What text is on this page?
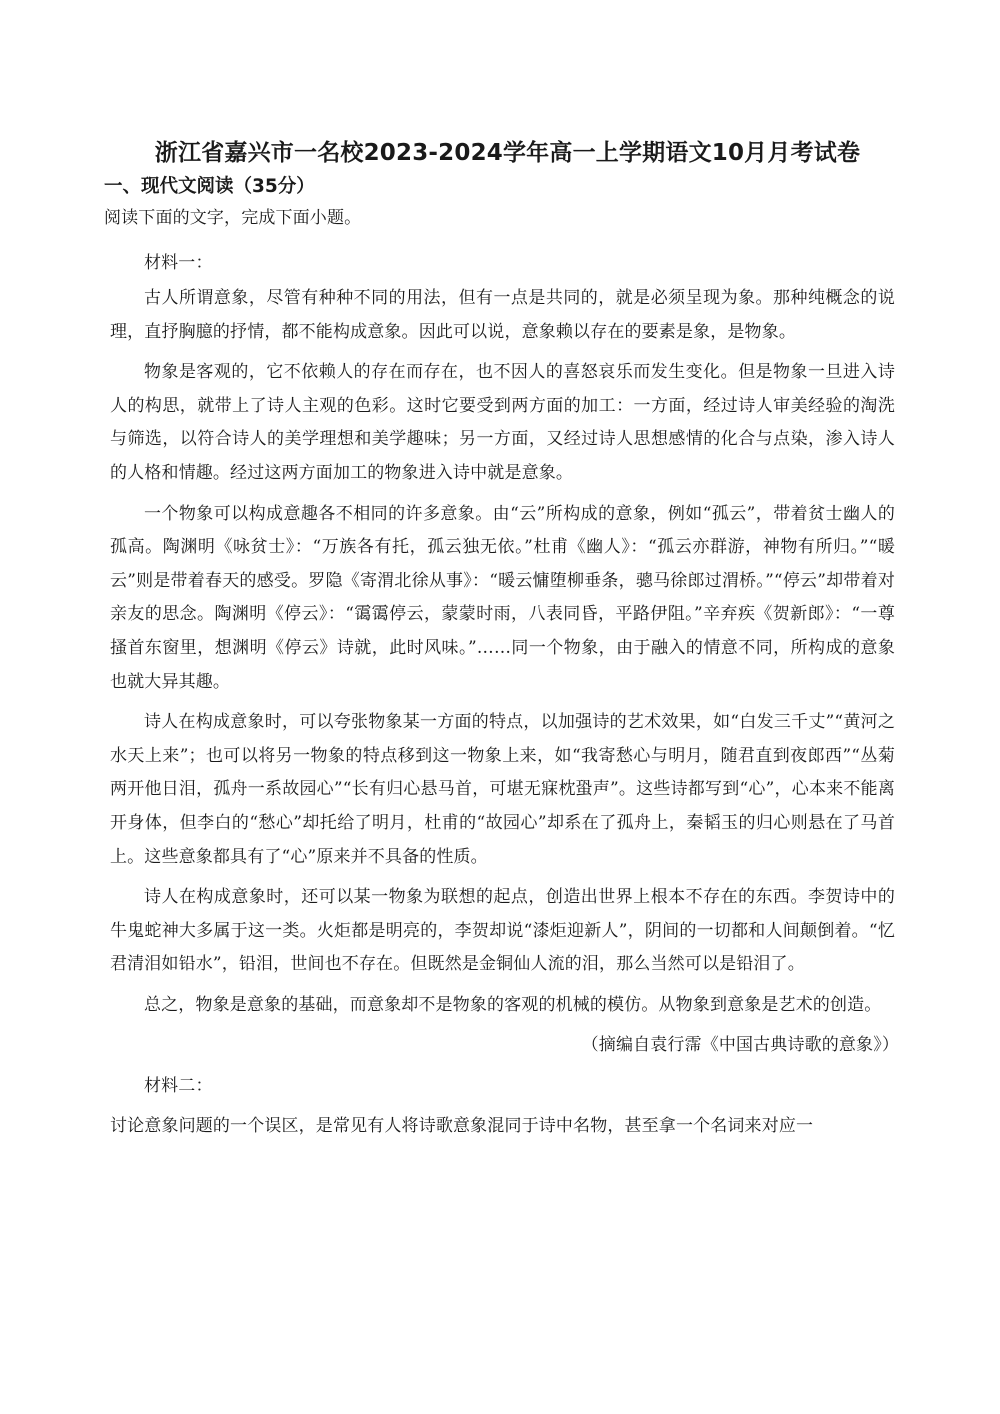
浙江省嘉兴市一名校2023-2024学年高一上学期语文10月月考试卷
一、现代文阅读（35分）

阅读下面的文字，完成下面小题。

材料一：

古人所谓意象，尽管有种种不同的用法，但有一点是共同的，就是必须呈现为象。那种纯概念的说理，直抒胸臆的抒情，都不能构成意象。因此可以说，意象赖以存在的要素是象，是物象。

物象是客观的，它不依赖人的存在而存在，也不因人的喜怒哀乐而发生变化。但是物象一旦进入诗人的构思，就带上了诗人主观的色彩。这时它要受到两方面的加工：一方面，经过诗人审美经验的淘洗与筛选，以符合诗人的美学理想和美学趣味；另一方面，又经过诗人思想感情的化合与点染，渗入诗人的人格和情趣。经过这两方面加工的物象进入诗中就是意象。

一个物象可以构成意趣各不相同的许多意象。由“云”所构成的意象，例如“孤云”，带着贫士幽人的孤高。陶渊明《咏贫士》：“万族各有托，孤云独无依。”杜甫《幽人》：“孤云亦群游，神物有所归。”“暖云”则是带着春天的感受。罗隐《寄渭北徐从事》：“暖云慵堕柳垂条，骢马徐郎过渭桥。”“停云”却带着对亲友的思念。陶渊明《停云》：“霭霭停云，蒙蒙时雨，八表同昏，平路伊阻。”辛弃疾《贺新郎》：“一尊搔首东窗里，想渊明《停云》诗就，此时风味。”……同一个物象，由于融入的情意不同，所构成的意象也就大异其趣。

诗人在构成意象时，可以夸张物象某一方面的特点，以加强诗的艺术效果，如“白发三千丈”“黄河之水天上来”；也可以将另一物象的特点移到这一物象上来，如“我寄愁心与明月，随君直到夜郎西”“丛菊两开他日泪，孤舟一系故园心”“长有归心悬马首，可堪无寐枕蛩声”。这些诗都写到“心”，心本来不能离开身体，但李白的“愁心”却托给了明月，杜甫的“故园心”却系在了孤舟上，秦韬玉的归心则悬在了马首上。这些意象都具有了“心”原来并不具备的性质。

诗人在构成意象时，还可以某一物象为联想的起点，创造出世界上根本不存在的东西。李贺诗中的牛鬼蛇神大多属于这一类。火炬都是明亮的，李贺却说“漆炬迎新人”，阴间的一切都和人间颠倒着。“忆君清泪如铅水”，铅泪，世间也不存在。但既然是金铜仙人流的泪，那么当然可以是铅泪了。

总之，物象是意象的基础，而意象却不是物象的客观的机械的模仿。从物象到意象是艺术的创造。

（摘编自袁行霈《中国古典诗歌的意象》）

材料二：

讨论意象问题的一个误区，是常见有人将诗歌意象混同于诗中名物，甚至拿一个名词来对应一
